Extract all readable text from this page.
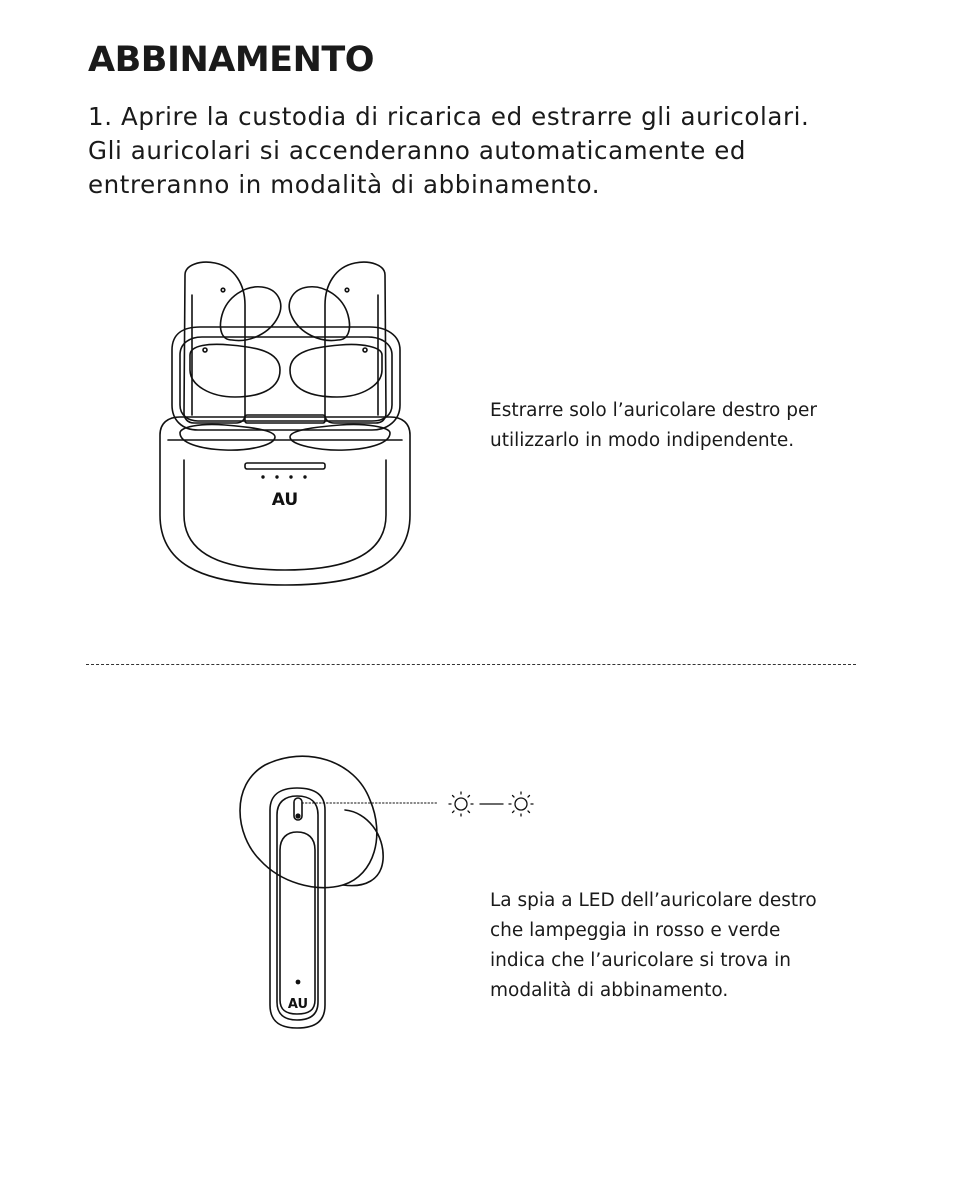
ABBINAMENTO

1. Aprire la custodia di ricarica ed estrarre gli auricolari.
Gli auricolari si accenderanno automaticamente ed
entreranno in modalità di abbinamento.

AU

Estrarre solo l’auricolare destro per
utilizzarlo in modo indipendente.

AU

La spia a LED dell’auricolare destro
che lampeggia in rosso e verde
indica che l’auricolare si trova in
modalità di abbinamento.
